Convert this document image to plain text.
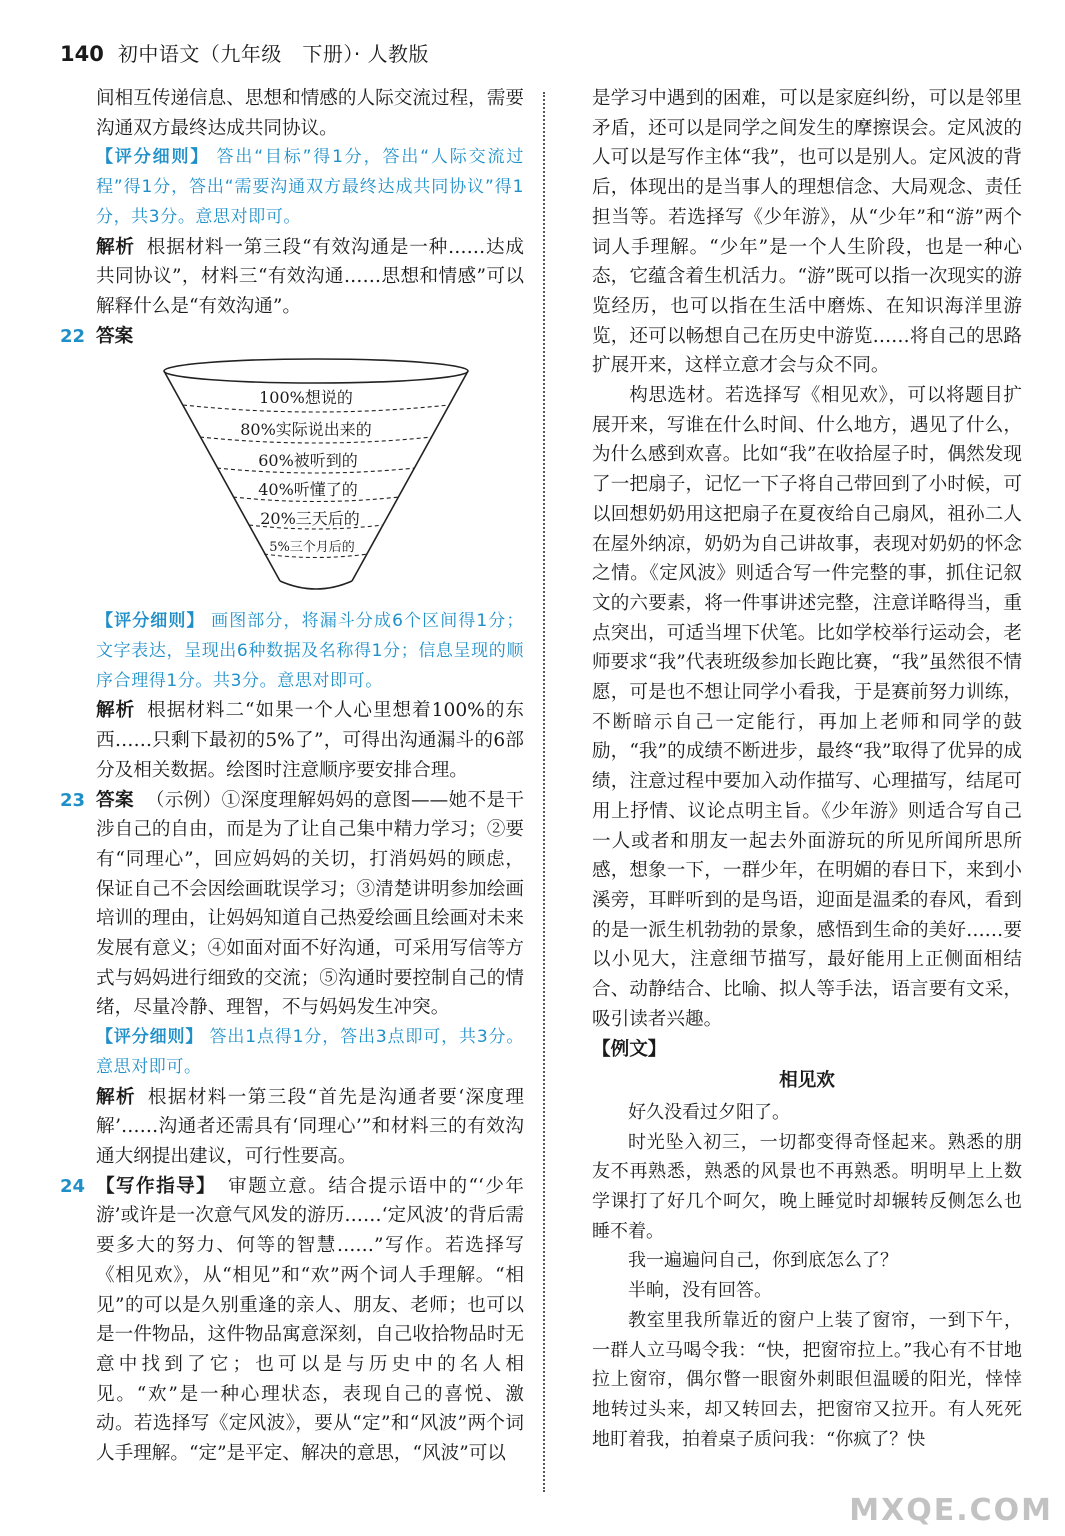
140 初中语文（九年级　下册）· 人教版
间相互传递信息、思想和情感的人际交流过程，需要沟通双方最终达成共同协议。
【评分细则】 答出“目标”得1分，答出“人际交流过程”得1分，答出“需要沟通双方最终达成共同协议”得1分，共3分。意思对即可。
解析 根据材料一第三段“有效沟通是一种……达成共同协议”，材料三“有效沟通……思想和情感”可以解释什么是“有效沟通”。
22 答案
100%想说的
80%实际说出来的
60%被听到的
40%听懂了的
20%三天后的
5%三个月后的
【评分细则】 画图部分，将漏斗分成6个区间得1分；文字表达，呈现出6种数据及名称得1分；信息呈现的顺序合理得1分。共3分。意思对即可。
解析 根据材料二“如果一个人心里想着100%的东西……只剩下最初的5%了”，可得出沟通漏斗的6部分及相关数据。绘图时注意顺序要安排合理。
23 答案 （示例）①深度理解妈妈的意图——她不是干涉自己的自由，而是为了让自己集中精力学习；②要有“同理心”，回应妈妈的关切，打消妈妈的顾虑，保证自己不会因绘画耽误学习；③清楚讲明参加绘画培训的理由，让妈妈知道自己热爱绘画且绘画对未来发展有意义；④如面对面不好沟通，可采用写信等方式与妈妈进行细致的交流；⑤沟通时要控制自己的情绪，尽量冷静、理智，不与妈妈发生冲突。
【评分细则】 答出1点得1分，答出3点即可，共3分。意思对即可。
解析 根据材料一第三段“首先是沟通者要‘深度理解’……沟通者还需具有‘同理心’”和材料三的有效沟通大纲提出建议，可行性要高。
24 【写作指导】 审题立意。结合提示语中的“‘少年游’或许是一次意气风发的游历……‘定风波’的背后需要多大的努力、何等的智慧……”写作。若选择写《相见欢》，从“相见”和“欢”两个词人手理解。“相见”的可以是久别重逢的亲人、朋友、老师；也可以是一件物品，这件物品寓意深刻，自己收拾物品时无意中找到了它；也可以是与历史中的名人相见。“欢”是一种心理状态，表现自己的喜悦、激动。若选择写《定风波》，要从“定”和“风波”两个词人手理解。“定”是平定、解决的意思，“风波”可以
是学习中遇到的困难，可以是家庭纠纷，可以是邻里矛盾，还可以是同学之间发生的摩擦误会。定风波的人可以是写作主体“我”，也可以是别人。定风波的背后，体现出的是当事人的理想信念、大局观念、责任担当等。若选择写《少年游》，从“少年”和“游”两个词人手理解。“少年”是一个人生阶段，也是一种心态，它蕴含着生机活力。“游”既可以指一次现实的游览经历，也可以指在生活中磨炼、在知识海洋里游览，还可以畅想自己在历史中游览……将自己的思路扩展开来，这样立意才会与众不同。
构思选材。若选择写《相见欢》，可以将题目扩展开来，写谁在什么时间、什么地方，遇见了什么，为什么感到欢喜。比如“我”在收拾屋子时，偶然发现了一把扇子，记忆一下子将自己带回到了小时候，可以回想奶奶用这把扇子在夏夜给自己扇风，祖孙二人在屋外纳凉，奶奶为自己讲故事，表现对奶奶的怀念之情。《定风波》则适合写一件完整的事，抓住记叙文的六要素，将一件事讲述完整，注意详略得当，重点突出，可适当埋下伏笔。比如学校举行运动会，老师要求“我”代表班级参加长跑比赛，“我”虽然很不情愿，可是也不想让同学小看我，于是赛前努力训练，不断暗示自己一定能行，再加上老师和同学的鼓励，“我”的成绩不断进步，最终“我”取得了优异的成绩，注意过程中要加入动作描写、心理描写，结尾可用上抒情、议论点明主旨。《少年游》则适合写自己一人或者和朋友一起去外面游玩的所见所闻所思所感，想象一下，一群少年，在明媚的春日下，来到小溪旁，耳畔听到的是鸟语，迎面是温柔的春风，看到的是一派生机勃勃的景象，感悟到生命的美好……要以小见大，注意细节描写，最好能用上正侧面相结合、动静结合、比喻、拟人等手法，语言要有文采，吸引读者兴趣。
【例文】
相见欢
好久没看过夕阳了。
时光坠入初三，一切都变得奇怪起来。熟悉的朋友不再熟悉，熟悉的风景也不再熟悉。明明早上上数学课打了好几个呵欠，晚上睡觉时却辗转反侧怎么也睡不着。
我一遍遍问自己，你到底怎么了？
半晌，没有回答。
教室里我所靠近的窗户上装了窗帘，一到下午，一群人立马喝令我：“快，把窗帘拉上。”我心有不甘地拉上窗帘，偶尔瞥一眼窗外刺眼但温暖的阳光，悻悻地转过头来，却又转回去，把窗帘又拉开。有人死死地盯着我，拍着桌子质问我：“你疯了？快
MXQE.COM
